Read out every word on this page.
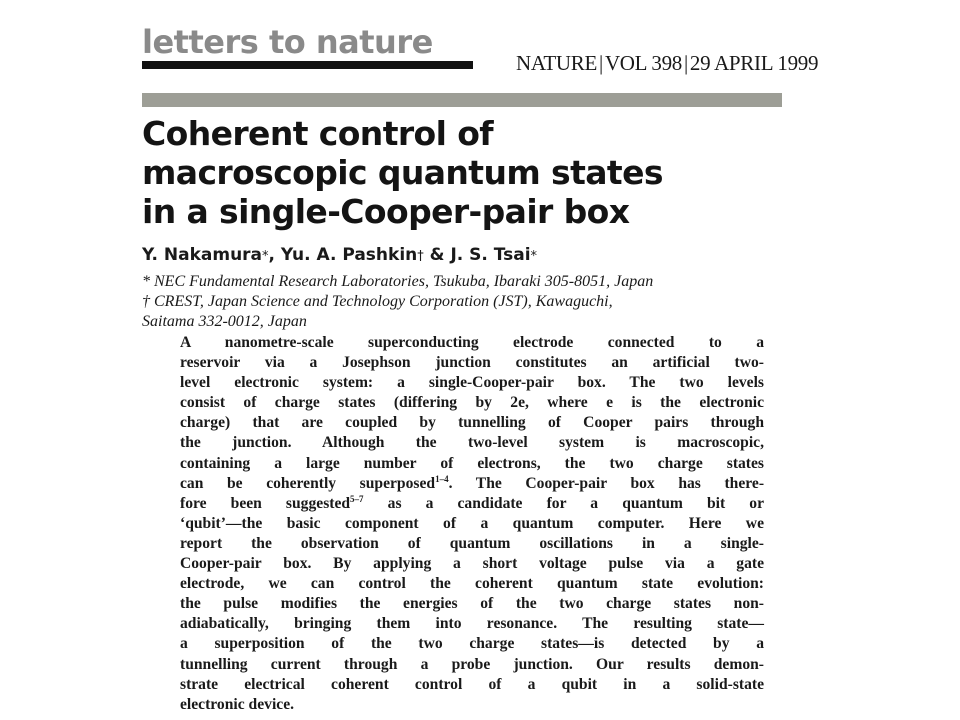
letters to nature
NATURE|VOL 398|29 APRIL 1999
Coherent control of
macroscopic quantum states
in a single-Cooper-pair box
Y. Nakamura*, Yu. A. Pashkin† & J. S. Tsai*
* NEC Fundamental Research Laboratories, Tsukuba, Ibaraki 305-8051, Japan
† CREST, Japan Science and Technology Corporation (JST), Kawaguchi,
Saitama 332-0012, Japan
A nanometre-scale superconducting electrode connected to a
reservoir via a Josephson junction constitutes an artificial two-
level electronic system: a single-Cooper-pair box. The two levels
consist of charge states (differing by 2e, where e is the electronic
charge) that are coupled by tunnelling of Cooper pairs through
the junction. Although the two-level system is macroscopic,
containing a large number of electrons, the two charge states
can be coherently superposed$^{1-4}$. The Cooper-pair box has there-
fore been suggested$^{5-7}$ as a candidate for a quantum bit or
‘qubit’—the basic component of a quantum computer. Here we
report the observation of quantum oscillations in a single-
Cooper-pair box. By applying a short voltage pulse via a gate
electrode, we can control the coherent quantum state evolution:
the pulse modifies the energies of the two charge states non-
adiabatically, bringing them into resonance. The resulting state—
a superposition of the two charge states—is detected by a
tunnelling current through a probe junction. Our results demon-
strate electrical coherent control of a qubit in a solid-state
electronic device.
